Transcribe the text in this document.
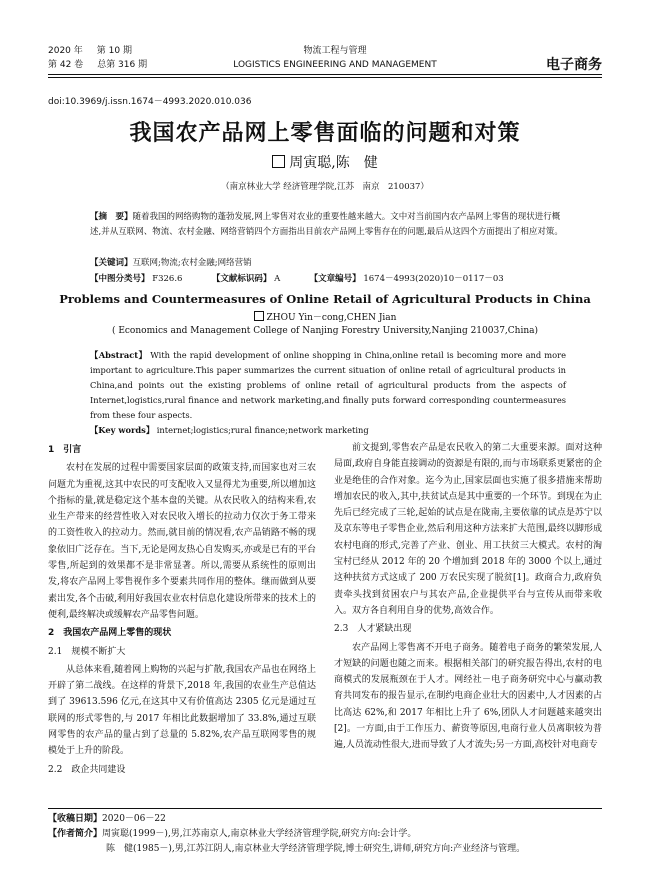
2020 年 第 10 期
第 42 卷 总第 316 期
物流工程与管理
LOGISTICS ENGINEERING AND MANAGEMENT	电子商务
doi:10.3969/j.issn.1674－4993.2020.010.036
我国农产品网上零售面临的问题和对策
周寅聪,陈　健
（南京林业大学 经济管理学院,江苏　南京　210037）
【摘　要】随着我国的网络购物的蓬勃发展,网上零售对农业的重要性越来越大。文中对当前国内农产品网上零售的现状进行概述,并从互联网、物流、农村金融、网络营销四个方面指出目前农产品网上零售存在的问题,最后从这四个方面提出了相应对策。
【关键词】互联网;物流;农村金融;网络营销
【中图分类号】 F326.6	【文献标识码】 A	【文章编号】 1674－4993(2020)10－0117－03
Problems and Countermeasures of Online Retail of Agricultural Products in China
ZHOU Yin－cong,CHEN Jian
( Economics and Management College of Nanjing Forestry University,Nanjing 210037,China)
【Abstract】 With the rapid development of online shopping in China,online retail is becoming more and more important to agriculture.This paper summarizes the current situation of online retail of agricultural products in China,and points out the existing problems of online retail of agricultural products from the aspects of Internet,logistics,rural finance and network marketing,and finally puts forward corresponding countermeasures from these four aspects.
【Key words】 internet;logistics;rural finance;network marketing
1　引言

农村在发展的过程中需要国家层面的政策支持,而国家也对三农问题尤为重视,这其中农民的可支配收入又显得尤为重要,所以增加这个指标的量,就是稳定这个基本盘的关键。从农民收入的结构来看,农业生产带来的经营性收入对农民收入增长的拉动力仅次于务工带来的工资性收入的拉动力。然而,就目前的情况看,农产品销路不畅的现象依旧广泛存在。当下,无论是网友热心自发购买,亦或是已有的平台零售,所起到的效果都不是非常显著。所以,需要从系统性的原则出发,将农产品网上零售视作多个要素共同作用的整体。继而做到从要素出发,各个击破,利用好我国农业农村信息化建设所带来的技术上的便利,最终解决或缓解农产品零售问题。

2　我国农产品网上零售的现状
2.1　规模不断扩大

从总体来看,随着网上购物的兴起与扩散,我国农产品也在网络上开辟了第二战线。在这样的背景下,2018 年,我国的农业生产总值达到了 39613.596 亿元,在这其中又有价值高达 2305 亿元是通过互联网的形式零售的,与 2017 年相比此数据增加了 33.8%,通过互联网零售的农产品的量占到了总量的 5.82%,农产品互联网零售的规模处于上升的阶段。

2.2　政企共同建设

前文提到,零售农产品是农民收入的第二大重要来源。面对这种局面,政府自身能直接调动的资源是有限的,而与市场联系更紧密的企业是绝佳的合作对象。迄今为止,国家层面也实施了很多措施来帮助增加农民的收入,其中,扶贫试点是其中重要的一个环节。到现在为止先后已经完成了三轮,起始的试点是在陇南,主要依靠的试点是苏宁以及京东等电子零售企业,然后利用这种方法来扩大范围,最终以脚形成农村电商的形式,完善了产业、创业、用工扶贫三大模式。农村的淘宝村已经从 2012 年的 20 个增加到 2018 年的 3000 个以上,通过这种扶贫方式这成了 200 万农民实现了脱贫[1]。政商合力,政府负责牵头找到贫困农户与其农产品,企业提供平台与宣传从而带来收入。双方各自利用自身的优势,高效合作。

2.3　人才紧缺出现

农产品网上零售离不开电子商务。随着电子商务的繁荣发展,人才短缺的问题也随之而来。根据相关部门的研究报告得出,农村的电商模式的发展瓶颈在于人才。网经社－电子商务研究中心与赢动教育共同发布的报告显示,在制约电商企业壮大的因素中,人才因素的占比高达 62%,和 2017 年相比上升了 6%,团队人才问题越来越突出[2]。一方面,由于工作压力、薪资等原因,电商行业人员离职较为普遍,人员流动性很大,进而导致了人才流失;另一方面,高校针对电商专

【收稿日期】2020－06－22
【作者简介】周寅聪(1999－),男,江苏南京人,南京林业大学经济管理学院,研究方向:会计学。
陈　健(1985－),男,江苏江阴人,南京林业大学经济管理学院,博士研究生,讲师,研究方向:产业经济与管理。
